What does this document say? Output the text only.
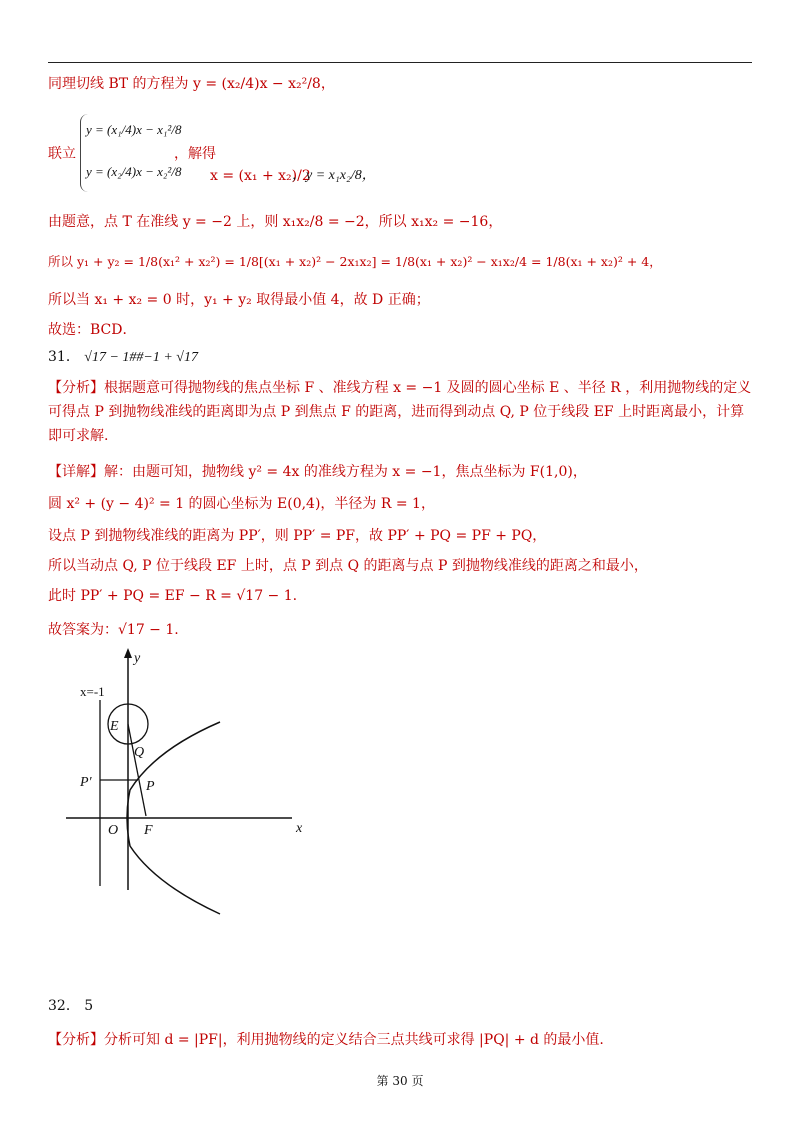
同理切线 BT 的方程为 y = (x₂/4)x − x₂²/8，
联立
y = (x₁/4)x − x₁²/8
y = (x₂/4)x − x₂²/8
，解得
x = (x₁ + x₂)/2
，y = x₁x₂/8，
由题意，点 T 在准线 y = −2 上，则 x₁x₂/8 = −2，所以 x₁x₂ = −16，
所以 y₁ + y₂ = 1/8(x₁² + x₂²) = 1/8[(x₁ + x₂)² − 2x₁x₂] = 1/8(x₁ + x₂)² − x₁x₂/4 = 1/8(x₁ + x₂)² + 4，
所以当 x₁ + x₂ = 0 时，y₁ + y₂ 取得最小值 4，故 D 正确；
故选：BCD．
31． √17 − 1##−1 + √17
【分析】根据题意可得抛物线的焦点坐标 F 、准线方程 x = −1 及圆的圆心坐标 E 、半径 R ，利用抛物线的定义可得点 P 到抛物线准线的距离即为点 P 到焦点 F 的距离，进而得到动点 Q, P 位于线段 EF 上时距离最小，计算即可求解.
【详解】解：由题可知，抛物线 y² = 4x 的准线方程为 x = −1，焦点坐标为 F(1,0)，
圆 x² + (y − 4)² = 1 的圆心坐标为 E(0,4)，半径为 R = 1，
设点 P 到抛物线准线的距离为 PP′，则 PP′ = PF，故 PP′ + PQ = PF + PQ，
所以当动点 Q, P 位于线段 EF 上时，点 P 到点 Q 的距离与点 P 到抛物线准线的距离之和最小，
此时 PP′ + PQ = EF − R = √17 − 1.
故答案为：√17 − 1.
y
x
x=-1
E
Q
P
P′
O F
32． 5
【分析】分析可知 d = |PF|，利用抛物线的定义结合三点共线可求得 |PQ| + d 的最小值.
第 30 页
